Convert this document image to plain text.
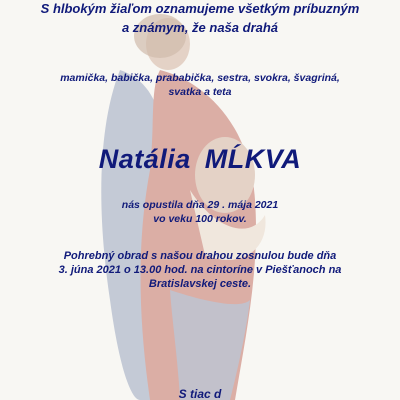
S hlbokým žiaľom oznamujeme všetkým príbuzným
a známym, že naša drahá
mamička, babička, prababička, sestra, svokra, švagriná,
svatka a teta
Natália MĹKVA
nás opustila dňa 29 . mája 2021
vo veku 100 rokov.
Pohrebný obrad s našou drahou zosnulou bude dňa
3. júna 2021 o 13.00 hod. na cintoríne v Piešťanoch na
Bratislavskej ceste.
S tiac d
